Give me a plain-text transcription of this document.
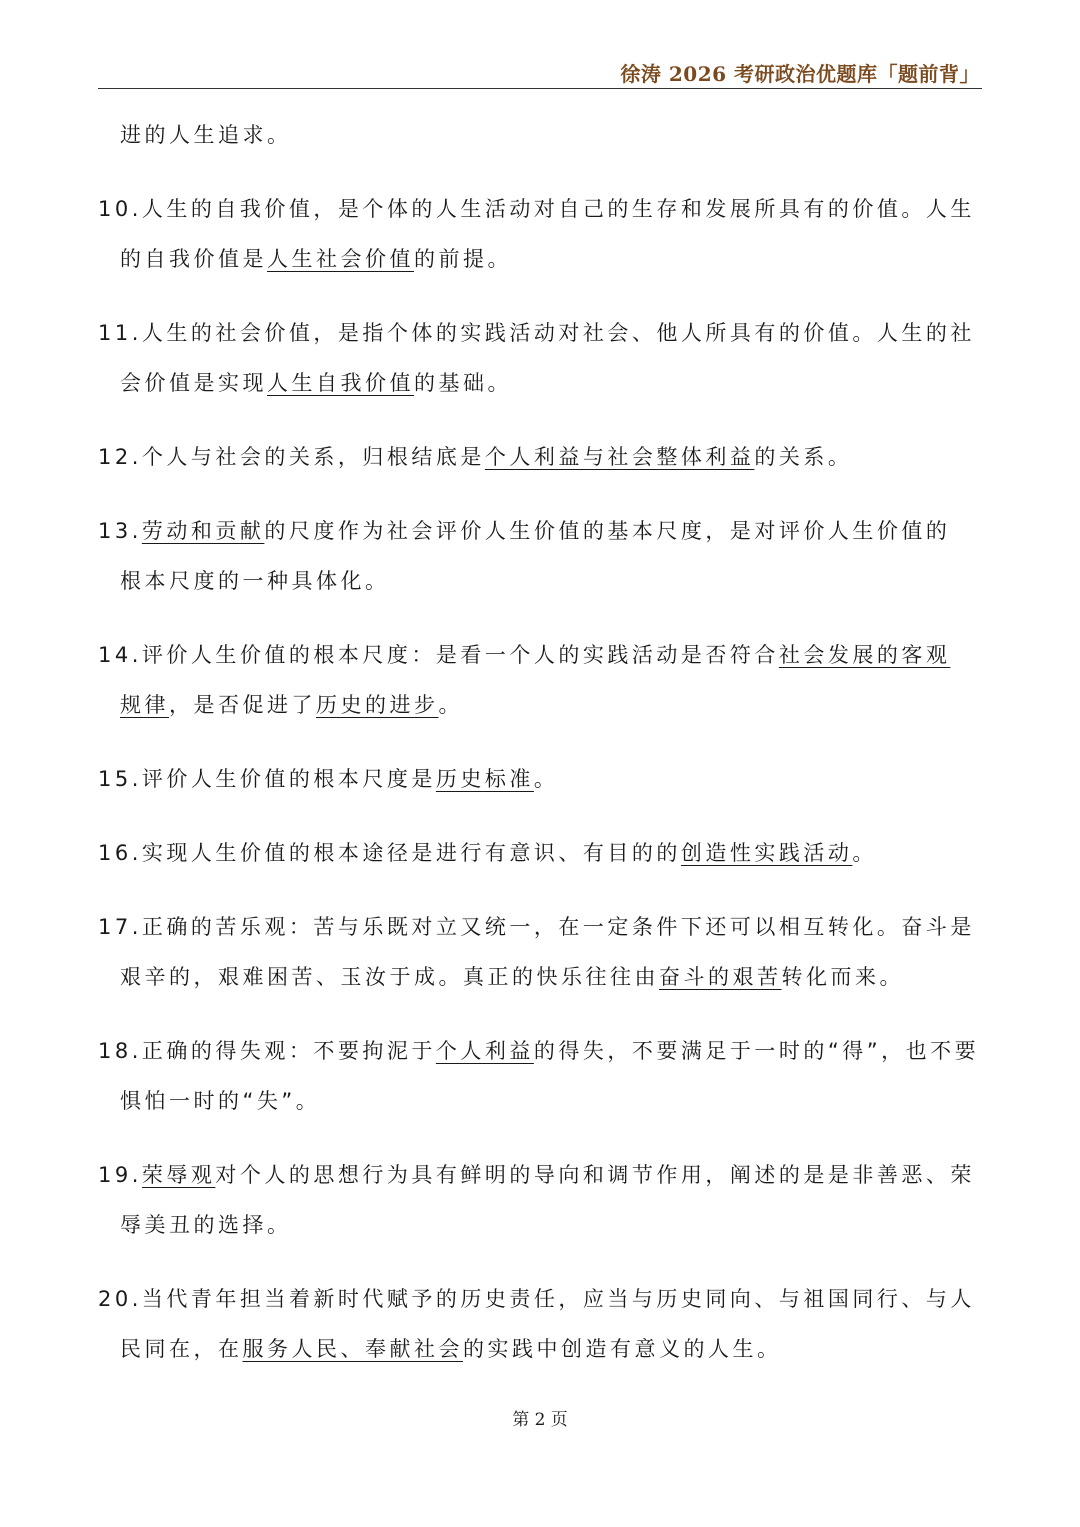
徐涛 2026 考研政治优题库「题前背」

进的人生追求。

10.人生的自我价值，是个体的人生活动对自己的生存和发展所具有的价值。人生
的自我价值是人生社会价值的前提。

11.人生的社会价值，是指个体的实践活动对社会、他人所具有的价值。人生的社
会价值是实现人生自我价值的基础。

12.个人与社会的关系，归根结底是个人利益与社会整体利益的关系。

13.劳动和贡献的尺度作为社会评价人生价值的基本尺度，是对评价人生价值的
根本尺度的一种具体化。

14.评价人生价值的根本尺度：是看一个人的实践活动是否符合社会发展的客观
规律，是否促进了历史的进步。

15.评价人生价值的根本尺度是历史标准。

16.实现人生价值的根本途径是进行有意识、有目的的创造性实践活动。

17.正确的苦乐观：苦与乐既对立又统一，在一定条件下还可以相互转化。奋斗是
艰辛的，艰难困苦、玉汝于成。真正的快乐往往由奋斗的艰苦转化而来。

18.正确的得失观：不要拘泥于个人利益的得失，不要满足于一时的“得”，也不要
惧怕一时的“失”。

19.荣辱观对个人的思想行为具有鲜明的导向和调节作用，阐述的是是非善恶、荣
辱美丑的选择。

20.当代青年担当着新时代赋予的历史责任，应当与历史同向、与祖国同行、与人
民同在，在服务人民、奉献社会的实践中创造有意义的人生。

第 2 页
